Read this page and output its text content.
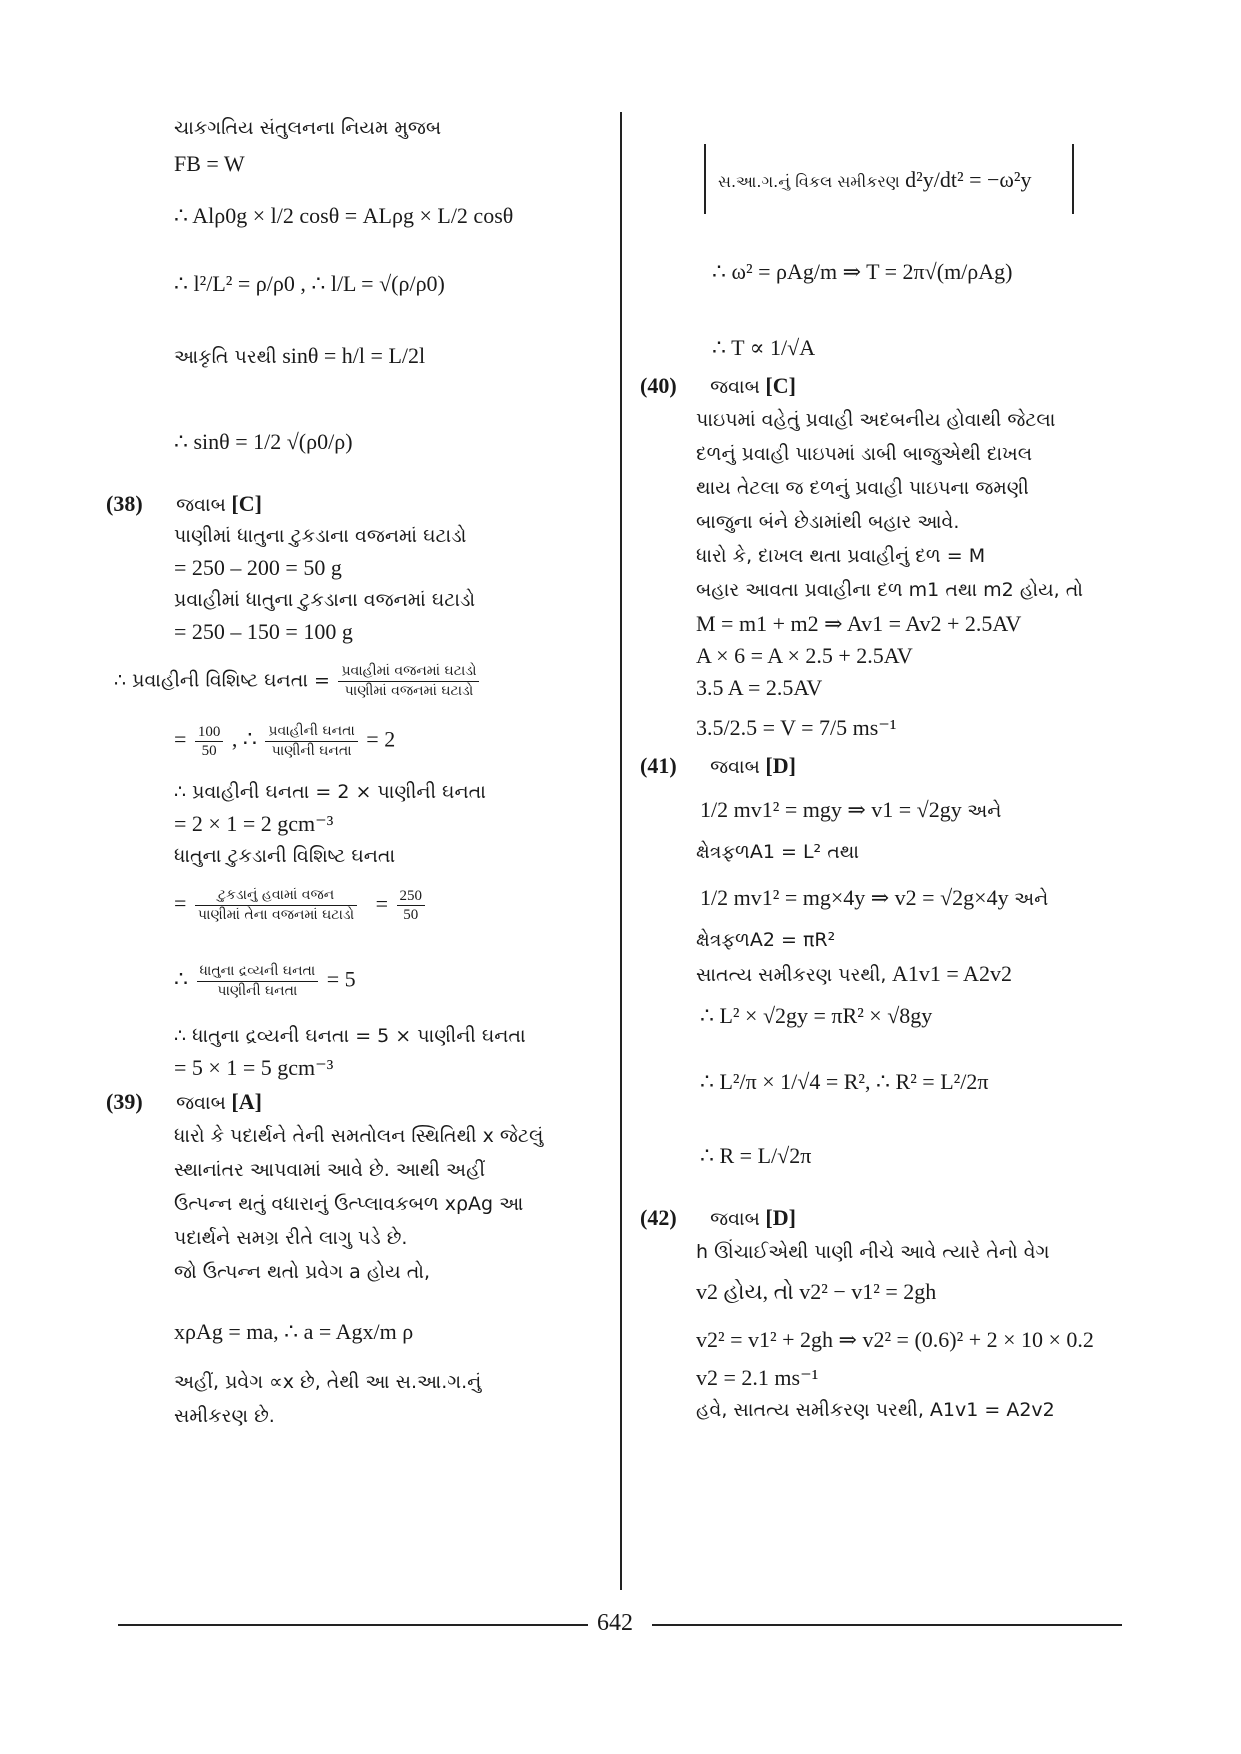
ચાકગતિય સંતુલનના નિયમ મુજબ
FB = W
∴ Alρ0g × l/2 cosθ = ALρg × L/2 cosθ
∴ l²/L² = ρ/ρ0 , ∴ l/L = √(ρ/ρ0)
આકૃતિ પરથી sinθ = h/l = L/2l
∴ sinθ = 1/2 √(ρ0/ρ)
(38) જવાબ [C]
પાણીમાં ધાતુના ટુકડાના વજનમાં ઘટાડો
= 250 – 200 = 50 g
પ્રવાહીમાં ધાતુના ટુકડાના વજનમાં ઘટાડો
= 250 – 150 = 100 g
∴ પ્રવાહીની વિશિષ્ટ ઘનતા = $\frac{\text{પ્રવાહીમાં વજનમાં ઘટાડો}}{\text{પાણીમાં વજનમાં ઘટાડો}}$
= $\frac{100}{50}$ , ∴ $\frac{\text{પ્રવાહીની ઘનતા}}{\text{પાણીની ઘનતા}} = 2$
∴ પ્રવાહીની ઘનતા = 2 × પાણીની ઘનતા
= 2 × 1 = 2 gcm⁻³
ધાતુના ટુકડાની વિશિષ્ટ ઘનતા
= $\frac{\text{ટુકડાનું હવામાં વજન}}{\text{પાણીમાં તેના વજનમાં ઘટાડો}} = \frac{250}{50}$
∴ $\frac{\text{ધાતુના દ્રવ્યની ઘનતા}}{\text{પાણીની ઘનતા}} = 5$
∴ ધાતુના દ્રવ્યની ઘનતા = 5 × પાણીની ઘનતા
= 5 × 1 = 5 gcm⁻³
(39) જવાબ [A]
ધારો કે પદાર્થને તેની સમતોલન સ્થિતિથી x જેટલું
સ્થાનાંતર આપવામાં આવે છે. આથી અહીં
ઉત્પન્ન થતું વધારાનું ઉત્પ્લાવકબળ xρAg આ
પદાર્થને સમગ્ર રીતે લાગુ પડે છે.
જો ઉત્પન્ન થતો પ્રવેગ a હોય તો,
xρAg = ma, ∴ a = Agx/m ρ
અહીં, પ્રવેગ ∝x છે, તેથી આ સ.આ.ગ.નું
સમીકરણ છે.
સ.આ.ગ.નું વિકલ સમીકરણ d²y/dt² = −ω²y
∴ ω² = ρAg/m ⇒ T = 2π√(m/ρAg)
∴ T ∝ 1/√A
(40) જવાબ [C]
પાઇપમાં વહેતું પ્રવાહી અદબનીય હોવાથી જેટલા
દળનું પ્રવાહી પાઇપમાં ડાબી બાજુએથી દાખલ
થાય તેટલા જ દળનું પ્રવાહી પાઇપના જમણી
બાજુના બંને છેડામાંથી બહાર આવે.
ધારો કે, દાખલ થતા પ્રવાહીનું દળ = M
બહાર આવતા પ્રવાહીના દળ m1 તથા m2 હોય, તો
M = m1 + m2 ⇒ Av1 = Av2 + 2.5AV
A × 6 = A × 2.5 + 2.5AV
3.5 A = 2.5AV
3.5/2.5 = V = 7/5 ms⁻¹
(41) જવાબ [D]
1/2 mv1² = mgy ⇒ v1 = √2gy અને
ક્ષેત્રફળA1 = L² તથા
1/2 mv1² = mg×4y ⇒ v2 = √2g×4y અને
ક્ષેત્રફળA2 = πR²
સાતત્ય સમીકરણ પરથી, A1v1 = A2v2
∴ L² × √2gy = πR² × √8gy
∴ L²/π × 1/√4 = R², ∴ R² = L²/2π
∴ R = L/√2π
(42) જવાબ [D]
h ઊંચાઈએથી પાણી નીચે આવે ત્યારે તેનો વેગ
v2 હોય, તો v2² − v1² = 2gh
v2² = v1² + 2gh ⇒ v2² = (0.6)² + 2 × 10 × 0.2
v2 = 2.1 ms⁻¹
હવે, સાતત્ય સમીકરણ પરથી, A1v1 = A2v2
642
